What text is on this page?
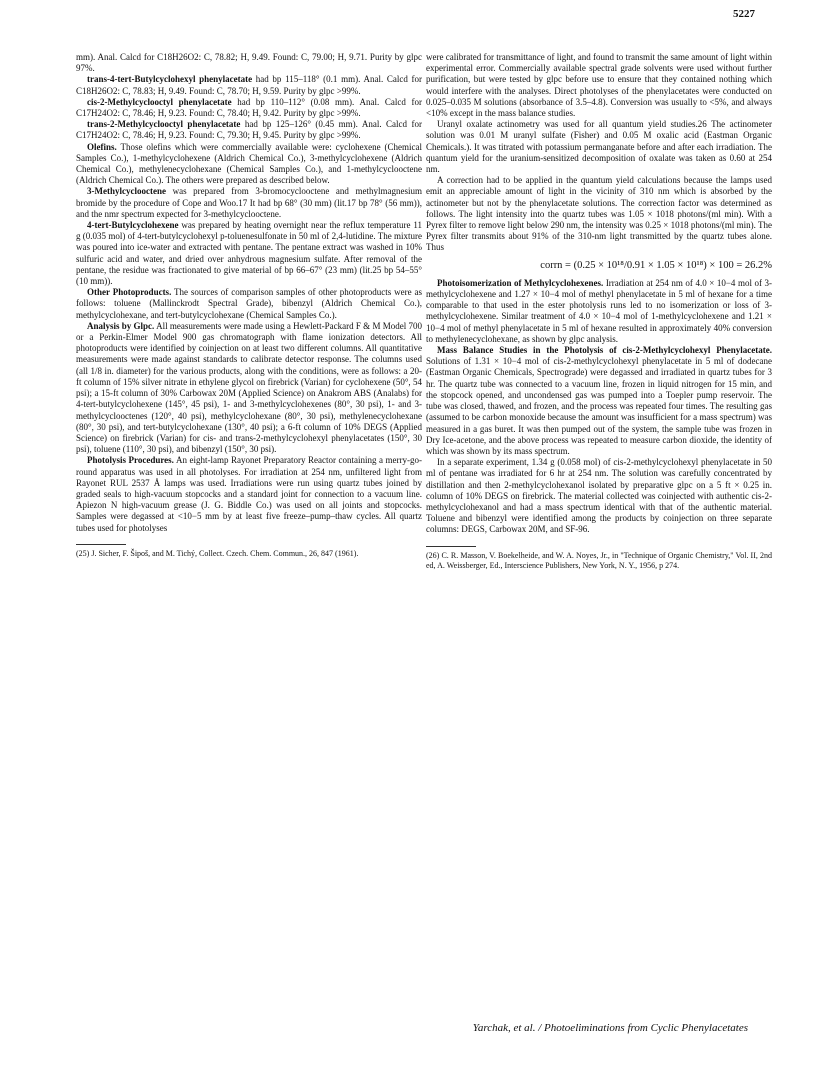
5227

mm). Anal. Calcd for C18H26O2: C, 78.82; H, 9.49. Found: C, 79.00; H, 9.71. Purity by glpc 97%.

trans-4-tert-Butylcyclohexyl phenylacetate had bp 115–118° (0.1 mm). Anal. Calcd for C18H26O2: C, 78.83; H, 9.49. Found: C, 78.70; H, 9.59. Purity by glpc >99%.

cis-2-Methylcyclooctyl phenylacetate had bp 110–112° (0.08 mm). Anal. Calcd for C17H24O2: C, 78.46; H, 9.23. Found: C, 78.40; H, 9.42. Purity by glpc >99%.

trans-2-Methylcyclooctyl phenylacetate had bp 125–126° (0.45 mm). Anal. Calcd for C17H24O2: C, 78.46; H, 9.23. Found: C, 79.30; H, 9.45. Purity by glpc >99%.

Olefins. Those olefins which were commercially available were: cyclohexene (Chemical Samples Co.), 1-methylcyclohexene (Aldrich Chemical Co.), 3-methylcyclohexene (Aldrich Chemical Co.), methylenecyclohexane (Chemical Samples Co.), and 1-methylcyclooctene (Aldrich Chemical Co.). The others were prepared as described below.

3-Methylcyclooctene was prepared from 3-bromocyclooctene and methylmagnesium bromide by the procedure of Cope and Woo.17 It had bp 68° (30 mm) (lit.17 bp 78° (56 mm)), and the nmr spectrum expected for 3-methylcyclooctene.

4-tert-Butylcyclohexene was prepared by heating overnight near the reflux temperature 11 g (0.035 mol) of 4-tert-butylcyclohexyl p-toluenesulfonate in 50 ml of 2,4-lutidine. The mixture was poured into ice-water and extracted with pentane. The pentane extract was washed in 10% sulfuric acid and water, and dried over anhydrous magnesium sulfate. After removal of the pentane, the residue was fractionated to give material of bp 66–67° (23 mm) (lit.25 bp 54–55° (10 mm)).

Other Photoproducts. The sources of comparison samples of other photoproducts were as follows: toluene (Mallinckrodt Spectral Grade), bibenzyl (Aldrich Chemical Co.), methylcyclohexane, and tert-butylcyclohexane (Chemical Samples Co.).

Analysis by Glpc. All measurements were made using a Hewlett-Packard F & M Model 700 or a Perkin-Elmer Model 900 gas chromatograph with flame ionization detectors. All photoproducts were identified by coinjection on at least two different columns. All quantitative measurements were made against standards to calibrate detector response. The columns used (all 1/8 in. diameter) for the various products, along with the conditions, were as follows: a 20-ft column of 15% silver nitrate in ethylene glycol on firebrick (Varian) for cyclohexene (50°, 54 psi); a 15-ft column of 30% Carbowax 20M (Applied Science) on Anakrom ABS (Analabs) for 4-tert-butylcyclohexene (145°, 45 psi), 1- and 3-methylcyclohexenes (80°, 30 psi), 1- and 3-methylcyclooctenes (120°, 40 psi), methylcyclohexane (80°, 30 psi), methylenecyclohexane (80°, 30 psi), and tert-butylcyclohexane (130°, 40 psi); a 6-ft column of 10% DEGS (Applied Science) on firebrick (Varian) for cis- and trans-2-methylcyclohexyl phenylacetates (150°, 30 psi), toluene (110°, 30 psi), and bibenzyl (150°, 30 psi).

Photolysis Procedures. An eight-lamp Rayonet Preparatory Reactor containing a merry-go-round apparatus was used in all photolyses. For irradiation at 254 nm, unfiltered light from Rayonet RUL 2537 Å lamps was used. Irradiations were run using quartz tubes joined by graded seals to high-vacuum stopcocks and a standard joint for connection to a vacuum line. Apiezon N high-vacuum grease (J. G. Biddle Co.) was used on all joints and stopcocks. Samples were degassed at <10−5 mm by at least five freeze–pump–thaw cycles. All quartz tubes used for photolyses

(25) J. Sicher, F. Šipoš, and M. Tichý, Collect. Czech. Chem. Commun., 26, 847 (1961).

were calibrated for transmittance of light, and found to transmit the same amount of light within experimental error. Commercially available spectral grade solvents were used without further purification, but were tested by glpc before use to ensure that they contained nothing which would interfere with the analyses. Direct photolyses of the phenylacetates were conducted on 0.025–0.035 M solutions (absorbance of 3.5–4.8). Conversion was usually to <5%, and always <10% except in the mass balance studies.

Uranyl oxalate actinometry was used for all quantum yield studies.26 The actinometer solution was 0.01 M uranyl sulfate (Fisher) and 0.05 M oxalic acid (Eastman Organic Chemicals.). It was titrated with potassium permanganate before and after each irradiation. The quantum yield for the uranium-sensitized decomposition of oxalate was taken as 0.60 at 254 nm.

A correction had to be applied in the quantum yield calculations because the lamps used emit an appreciable amount of light in the vicinity of 310 nm which is absorbed by the actinometer but not by the phenylacetate solutions. The correction factor was determined as follows. The light intensity into the quartz tubes was 1.05 × 1018 photons/(ml min). With a Pyrex filter to remove light below 290 nm, the intensity was 0.25 × 1018 photons/(ml min). The Pyrex filter transmits about 91% of the 310-nm light transmitted by the quartz tubes alone. Thus

corrn = (0.25 × 10¹⁸/0.91 × 1.05 × 10¹⁸) × 100 = 26.2%

Photoisomerization of Methylcyclohexenes. Irradiation at 254 nm of 4.0 × 10−4 mol of 3-methylcyclohexene and 1.27 × 10−4 mol of methyl phenylacetate in 5 ml of hexane for a time comparable to that used in the ester photolysis runs led to no isomerization or loss of 3-methylcyclohexene. Similar treatment of 4.0 × 10−4 mol of 1-methylcyclohexene and 1.21 × 10−4 mol of methyl phenylacetate in 5 ml of hexane resulted in approximately 40% conversion to methylenecyclohexane, as shown by glpc analysis.

Mass Balance Studies in the Photolysis of cis-2-Methylcyclohexyl Phenylacetate. Solutions of 1.31 × 10−4 mol of cis-2-methylcyclohexyl phenylacetate in 5 ml of dodecane (Eastman Organic Chemicals, Spectrograde) were degassed and irradiated in quartz tubes for 3 hr. The quartz tube was connected to a vacuum line, frozen in liquid nitrogen for 15 min, and the stopcock opened, and uncondensed gas was pumped into a Toepler pump reservoir. The tube was closed, thawed, and frozen, and the process was repeated four times. The resulting gas (assumed to be carbon monoxide because the amount was insufficient for a mass spectrum) was measured in a gas buret. It was then pumped out of the system, the sample tube was frozen in Dry Ice-acetone, and the above process was repeated to measure carbon dioxide, the identity of which was shown by its mass spectrum.

In a separate experiment, 1.34 g (0.058 mol) of cis-2-methylcyclohexyl phenylacetate in 50 ml of pentane was irradiated for 6 hr at 254 nm. The solution was carefully concentrated by distillation and then 2-methylcyclohexanol isolated by preparative glpc on a 5 ft × 0.25 in. column of 10% DEGS on firebrick. The material collected was coinjected with authentic cis-2-methylcyclohexanol and had a mass spectrum identical with that of the authentic material. Toluene and bibenzyl were identified among the products by coinjection on three separate columns: DEGS, Carbowax 20M, and SF-96.

(26) C. R. Masson, V. Boekelheide, and W. A. Noyes, Jr., in "Technique of Organic Chemistry," Vol. II, 2nd ed, A. Weissberger, Ed., Interscience Publishers, New York, N. Y., 1956, p 274.

Yarchak, et al. / Photoeliminations from Cyclic Phenylacetates
